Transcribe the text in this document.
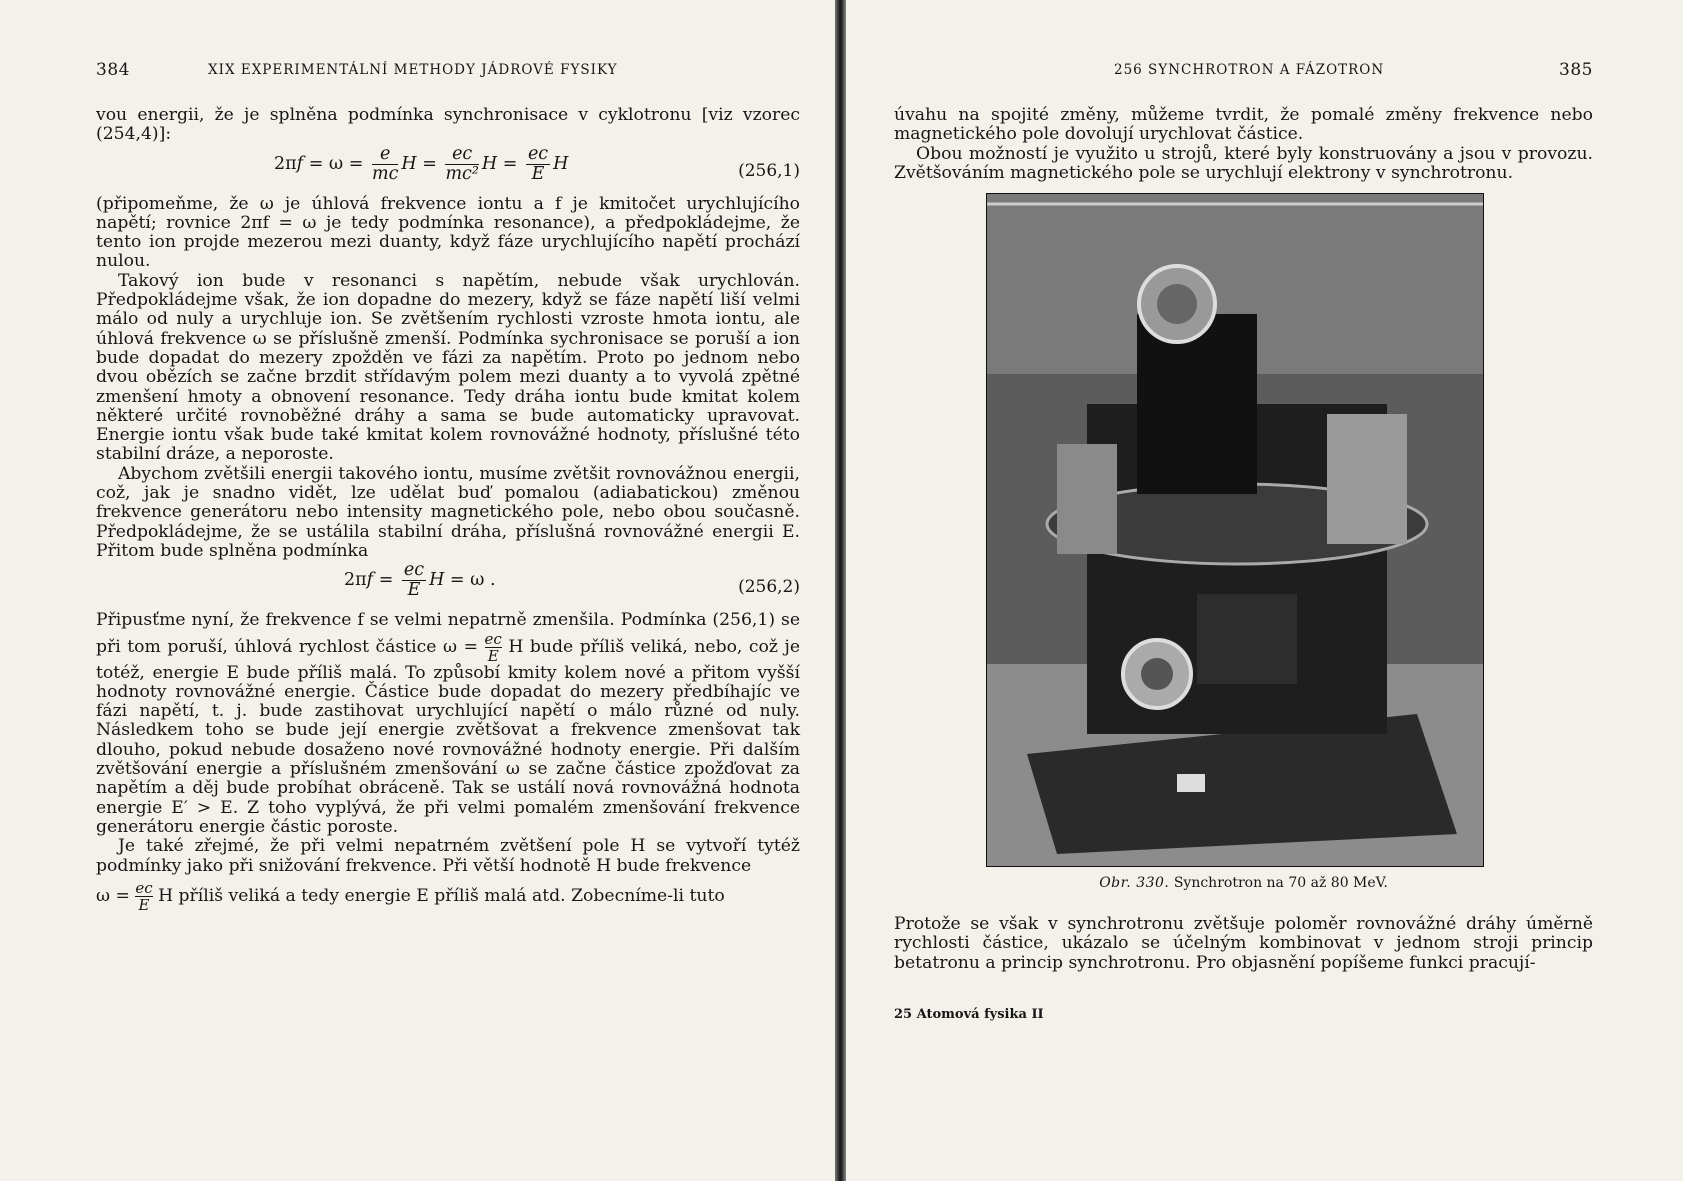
384	XIX EXPERIMENTÁLNÍ METHODY JÁDROVÉ FYSIKY

vou energii, že je splněna podmínka synchronisace v cyklotronu [viz vzorec (254,4)]:

$2\pi f = \omega = \frac{e}{mc}$ $H = \frac{ec}{\text{mc²}}$ $H = \frac{ec}{E}$ H	(256,1)

(připomeňme, že ω je úhlová frekvence iontu a f je kmitočet urychlujícího napětí; rovnice 2πf = ω je tedy podmínka resonance), a předpokládejme, že tento ion projde mezerou mezi duanty, když fáze urychlujícího napětí prochází nulou.

Takový ion bude v resonanci s napětím, nebude však urychlován. Předpokládejme však, že ion dopadne do mezery, když se fáze napětí liší velmi málo od nuly a urychluje ion. Se zvětšením rychlosti vzroste hmota iontu, ale úhlová frekvence ω se příslušně zmenší. Podmínka sychronisace se poruší a ion bude dopadat do mezery zpožděn ve fázi za napětím. Proto po jednom nebo dvou obězích se začne brzdit střídavým polem mezi duanty a to vyvolá zpětné zmenšení hmoty a obnovení resonance. Tedy dráha iontu bude kmitat kolem některé určité rovnoběžné dráhy a sama se bude automaticky upravovat. Energie iontu však bude také kmitat kolem rovnovážné hodnoty, příslušné této stabilní dráze, a neporoste.

Abychom zvětšili energii takového iontu, musíme zvětšit rovnovážnou energii, což, jak je snadno vidět, lze udělat buď pomalou (adiabatickou) změnou frekvence generátoru nebo intensity magnetického pole, nebo obou současně. Předpokládejme, že se ustálila stabilní dráha, příslušná rovnovážné energii E. Přitom bude splněna podmínka

$2\pi f = \frac{ec}{E}$ H = ω .	(256,2)

Připusťme nyní, že frekvence f se velmi nepatrně zmenšila. Podmínka (256,1) se při tom poruší, úhlová rychlost částice $\omega = \frac{ec}{E}$ H bude příliš veliká, nebo, což je totéž, energie E bude příliš malá. To způsobí kmity kolem nové a přitom vyšší hodnoty rovnovážné energie. Částice bude dopadat do mezery předbíhajíc ve fázi napětí, t. j. bude zastihovat urychlující napětí o málo různé od nuly. Následkem toho se bude její energie zvětšovat a frekvence zmenšovat tak dlouho, pokud nebude dosaženo nové rovnovážné hodnoty energie. Při dalším zvětšování energie a příslušném zmenšování ω se začne částice zpožďovat za napětím a děj bude probíhat obráceně. Tak se ustálí nová rovnovážná hodnota energie E′ > E. Z toho vyplývá, že při velmi pomalém zmenšování frekvence generátoru energie částic poroste.

Je také zřejmé, že při velmi nepatrném zvětšení pole H se vytvoří tytéž podmínky jako při snižování frekvence. Při větší hodnotě H bude frekvence

$\omega = \frac{ec}{E}$ H příliš veliká a tedy energie E příliš malá atd. Zobecníme-li tuto

256 SYNCHROTRON A FÁZOTRON	385

úvahu na spojité změny, můžeme tvrdit, že pomalé změny frekvence nebo magnetického pole dovolují urychlovat částice.

Obou možností je využito u strojů, které byly konstruovány a jsou v provozu. Zvětšováním magnetického pole se urychlují elektrony v synchrotronu.

Obr. 330. Synchrotron na 70 až 80 MeV.

Protože se však v synchrotronu zvětšuje poloměr rovnovážné dráhy úměrně rychlosti částice, ukázalo se účelným kombinovat v jednom stroji princip betatronu a princip synchrotronu. Pro objasnění popíšeme funkci pracují-

25 Atomová fysika II
